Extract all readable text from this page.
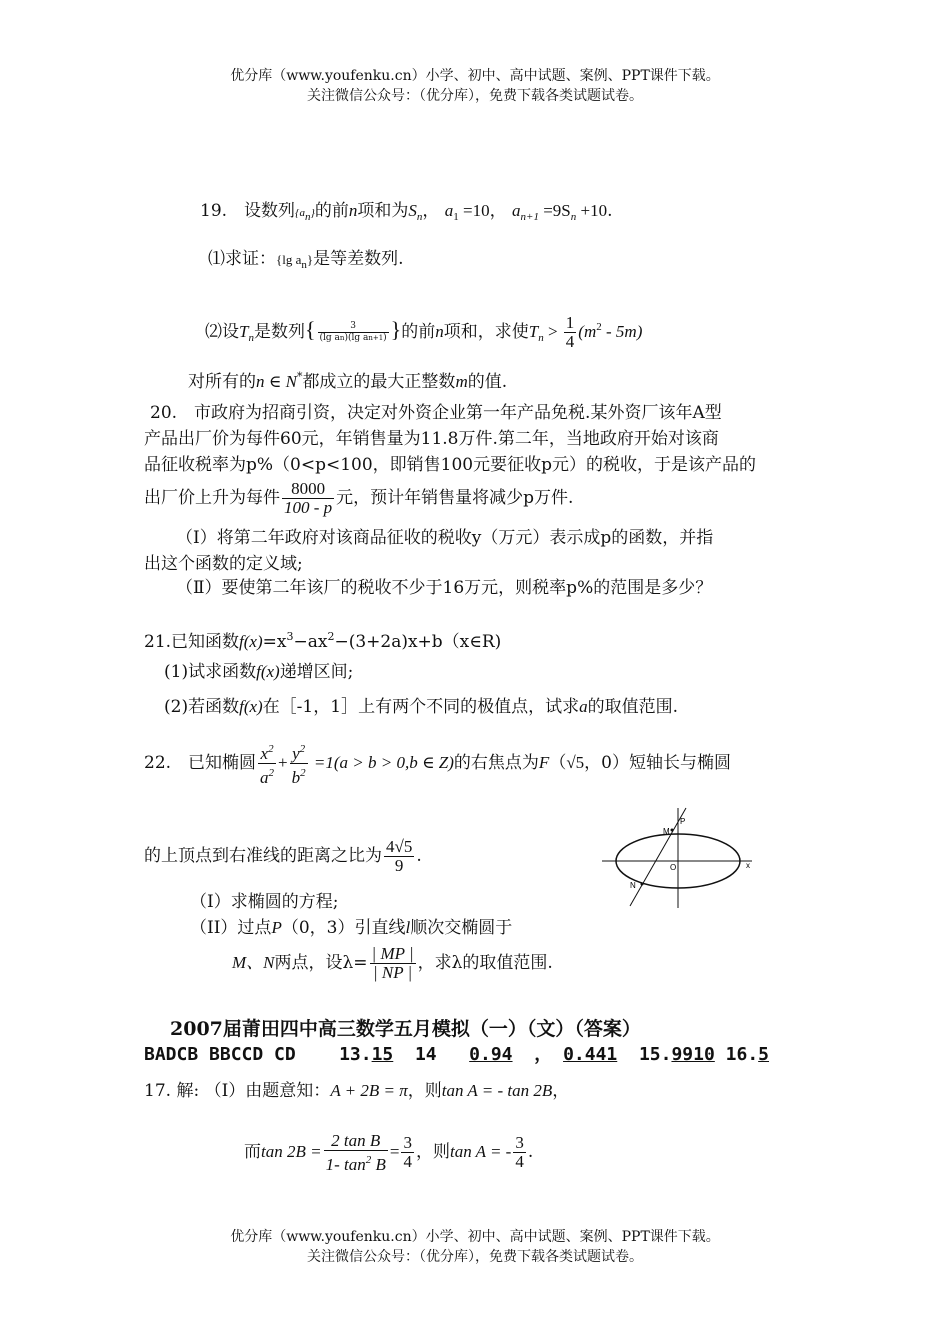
优分库（www.youfenku.cn）小学、初中、高中试题、案例、PPT课件下载。
关注微信公众号：（优分库），免费下载各类试题试卷。
19.　设数列{an}的前n项和为$S_n$， $a_1 =10$， $a_{n+1} =9S_n +10$.
⑴求证：{lg $a_n$}是等差数列.
⑵设$T_n$是数列{ $\frac{3}{\text{(lg an)(lg an+1)}}$ }的前n项和，求使$T_n > \frac{1}{4} (m^2 - 5m)$
对所有的n ∈ N*都成立的最大正整数m的值.
20.　市政府为招商引资，决定对外资企业第一年产品免税.某外资厂该年A型
产品出厂价为每件60元，年销售量为11.8万件.第二年，当地政府开始对该商
品征收税率为p%（0<p<100，即销售100元要征收p元）的税收，于是该产品的
出厂价上升为每件 $\frac{8000}{100 - p}$ 元，预计年销售量将减少p万件.
（Ⅰ）将第二年政府对该商品征收的税收y（万元）表示成p的函数，并指
出这个函数的定义域;
（Ⅱ）要使第二年该厂的税收不少于16万元，则税率p%的范围是多少？
21.已知函数$f(x)=x^3-ax^2-(3+2a)x+b(x\in R)$
(1)试求函数f(x)递增区间;
(2)若函数f(x)在［-1，1］上有两个不同的极值点，试求a的取值范围.
22.　已知椭圆 $\frac{x^2}{a^2} + \frac{y^2}{b^2} =1(a > b > 0,b$ ∈ Z)的右焦点为F（√5，0）短轴长与椭圆
的上顶点到右准线的距离之比为 $\frac{4√5}{9}$ .
（I）求椭圆的方程;
（II）过点P（0，3）引直线l顺次交椭圆于
M、N两点，设$\lambda= \frac{| MP |}{| NP |}$ ，求λ的取值范围.
M
P
O	x
N
2007届莆田四中高三数学五月模拟（一）（文）（答案）
BADCB BBCCD CD 13.15 14 0.94 ， 0.441 15.9910 16.5
17. 解: （I）由题意知：A + 2B = π，则tan A = - tan 2B，
而$\tan 2B = \frac{\text{2 tan B}}{1- \tan^2 B} = \frac{3}{4}$ ，则tan A = - $\frac{3}{4}$ .
优分库（www.youfenku.cn）小学、初中、高中试题、案例、PPT课件下载。
关注微信公众号：（优分库），免费下载各类试题试卷。
